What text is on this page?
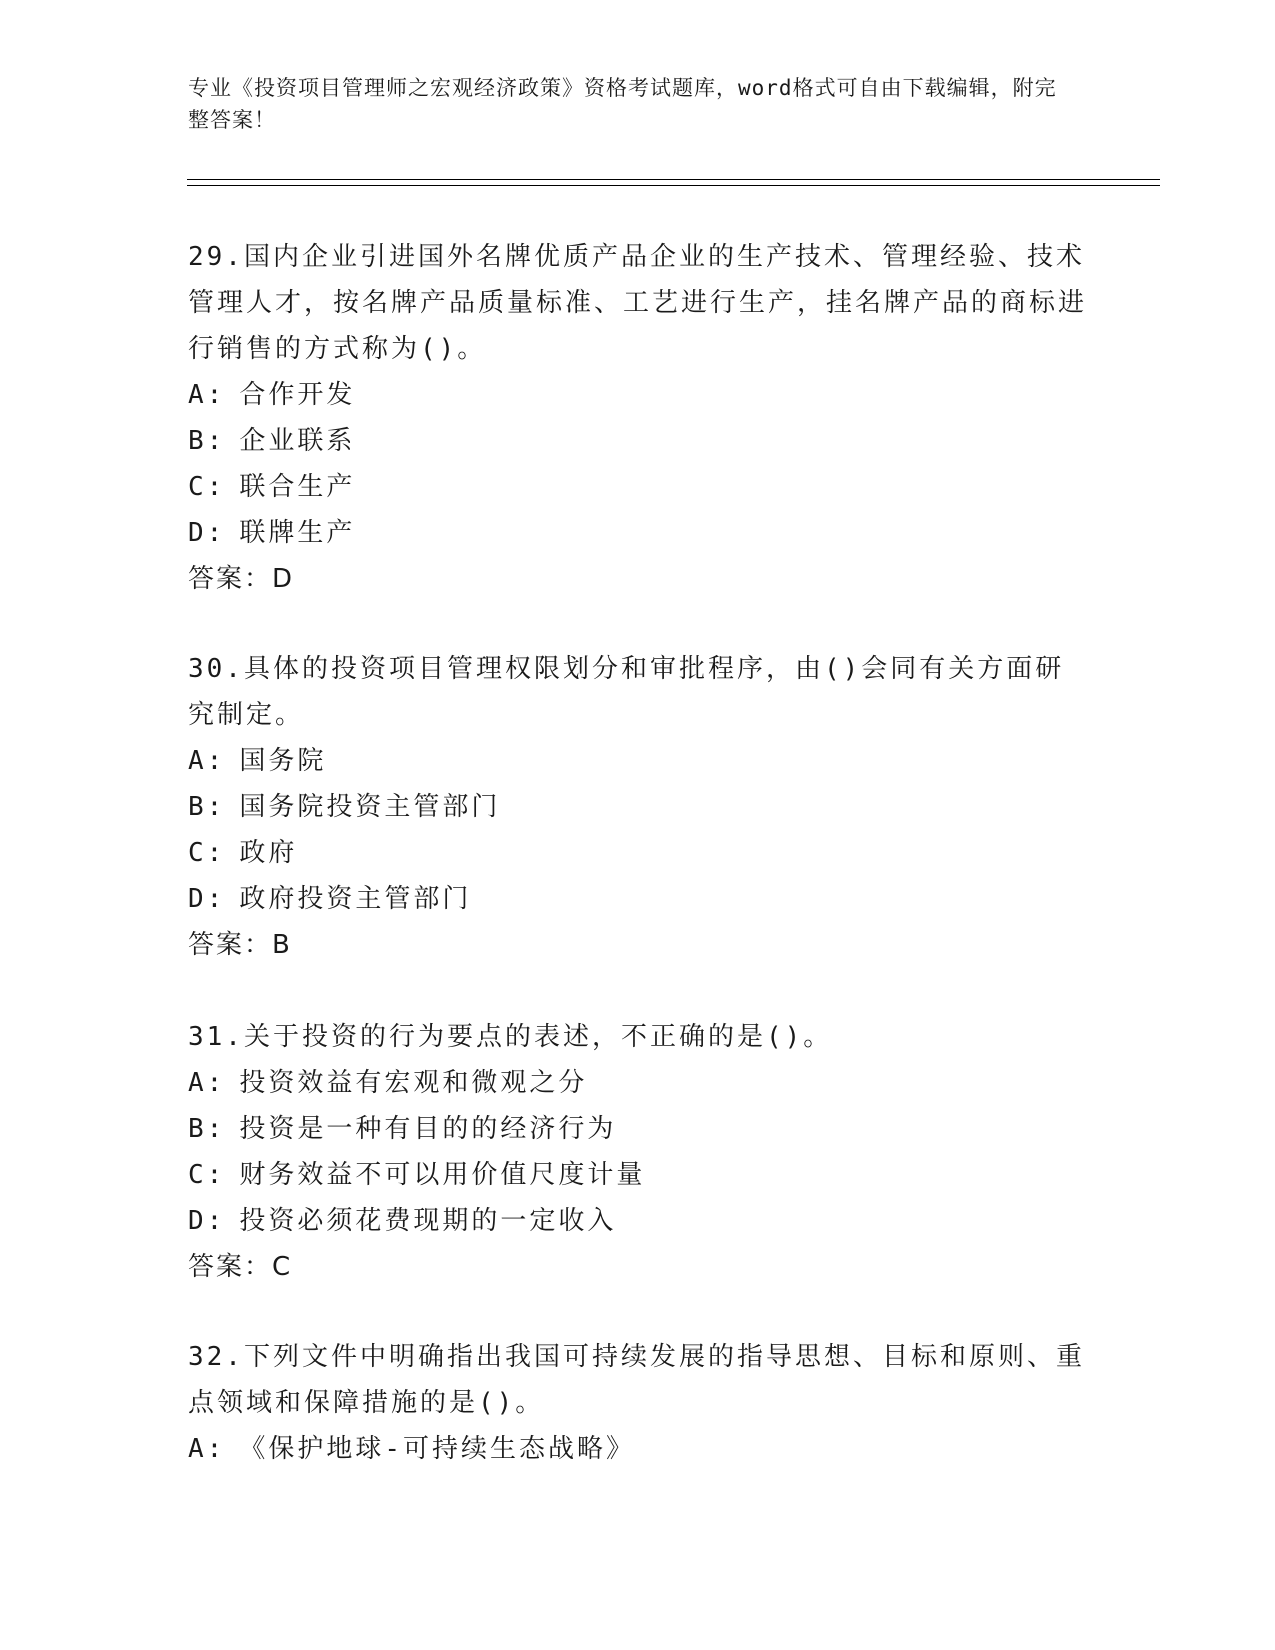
专业《投资项目管理师之宏观经济政策》资格考试题库，word格式可自由下载编辑，附完整答案！

29.国内企业引进国外名牌优质产品企业的生产技术、管理经验、技术管理人才，按名牌产品质量标准、工艺进行生产，挂名牌产品的商标进行销售的方式称为()。

A: 合作开发

B: 企业联系

C: 联合生产

D: 联牌生产

答案：D

30.具体的投资项目管理权限划分和审批程序，由()会同有关方面研究制定。

A: 国务院

B: 国务院投资主管部门

C: 政府

D: 政府投资主管部门

答案：B

31.关于投资的行为要点的表述，不正确的是()。

A: 投资效益有宏观和微观之分

B: 投资是一种有目的的经济行为

C: 财务效益不可以用价值尺度计量

D: 投资必须花费现期的一定收入

答案：C

32.下列文件中明确指出我国可持续发展的指导思想、目标和原则、重点领域和保障措施的是()。

A: 《保护地球-可持续生态战略》
